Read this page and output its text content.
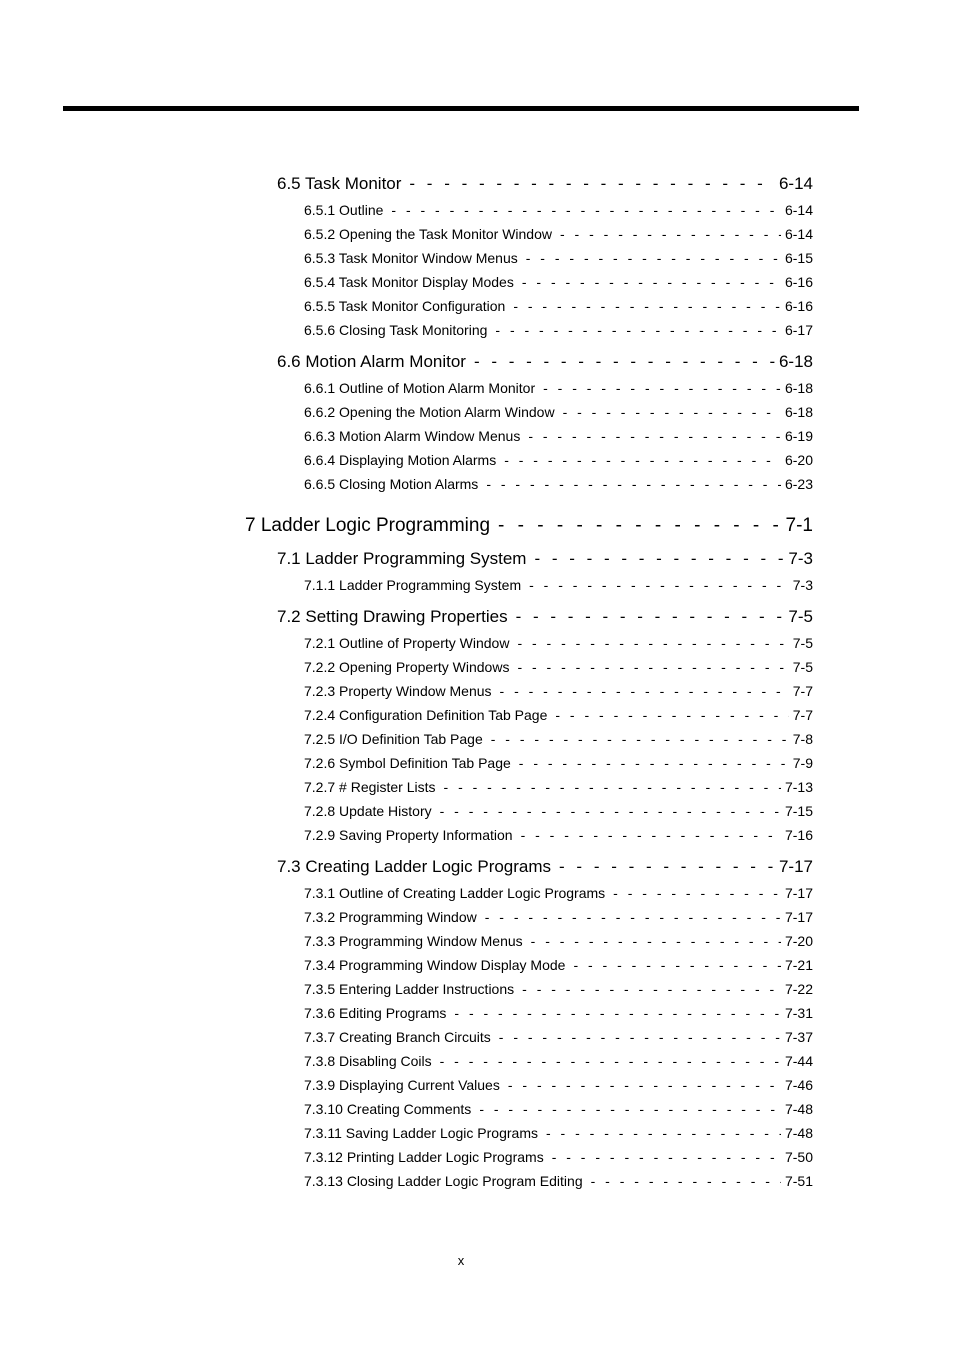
6.5 Task Monitor - - -	6-14
6.5.1 Outline - - -	6-14
6.5.2 Opening the Task Monitor Window - - -	6-14
6.5.3 Task Monitor Window Menus - - -	6-15
6.5.4 Task Monitor Display Modes - - -	6-16
6.5.5 Task Monitor Configuration - - -	6-16
6.5.6 Closing Task Monitoring - - -	6-17
6.6 Motion Alarm Monitor - - -	6-18
6.6.1 Outline of Motion Alarm Monitor - - -	6-18
6.6.2 Opening the Motion Alarm Window - - -	6-18
6.6.3 Motion Alarm Window Menus - - -	6-19
6.6.4 Displaying Motion Alarms - - -	6-20
6.6.5 Closing Motion Alarms - - -	6-23
7 Ladder Logic Programming - - -	7-1
7.1 Ladder Programming System - - -	7-3
7.1.1 Ladder Programming System - - -	7-3
7.2 Setting Drawing Properties - - -	7-5
7.2.1 Outline of Property Window - - -	7-5
7.2.2 Opening Property Windows - - -	7-5
7.2.3 Property Window Menus - - -	7-7
7.2.4 Configuration Definition Tab Page - - -	7-7
7.2.5 I/O Definition Tab Page - - -	7-8
7.2.6 Symbol Definition Tab Page - - -	7-9
7.2.7 # Register Lists - - -	7-13
7.2.8 Update History - - -	7-15
7.2.9 Saving Property Information - - -	7-16
7.3 Creating Ladder Logic Programs - - -	7-17
7.3.1 Outline of Creating Ladder Logic Programs - - -	7-17
7.3.2 Programming Window - - -	7-17
7.3.3 Programming Window Menus - - -	7-20
7.3.4 Programming Window Display Mode - - -	7-21
7.3.5 Entering Ladder Instructions - - -	7-22
7.3.6 Editing Programs - - -	7-31
7.3.7 Creating Branch Circuits - - -	7-37
7.3.8 Disabling Coils - - -	7-44
7.3.9 Displaying Current Values - - -	7-46
7.3.10 Creating Comments - - -	7-48
7.3.11 Saving Ladder Logic Programs - - -	7-48
7.3.12 Printing Ladder Logic Programs - - -	7-50
7.3.13 Closing Ladder Logic Program Editing - - -	7-51
x
